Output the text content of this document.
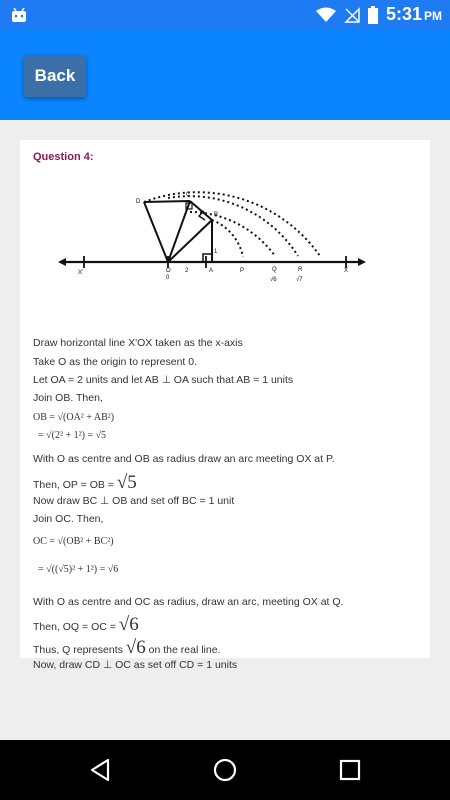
5:31 PM
Back
Question 4:
D
C
B
1
O
0
2	A	P	Q
√6
R
√7
X
X'
Draw horizontal line X'OX taken as the x-axis
Take O as the origin to represent 0.
Let OA = 2 units and let AB ⊥ OA such that AB = 1 units
Join OB. Then,
OB = √(OA² + AB²)
= √(2² + 1²) = √5
With O as centre and OB as radius draw an arc meeting OX at P.
Then, OP = OB = √5
Now draw BC ⊥ OB and set off BC = 1 unit
Join OC. Then,
OC = √(OB² + BC²)
= √((√5)² + 1²) = √6
With O as centre and OC as radius, draw an arc, meeting OX at Q.
Then, OQ = OC = √6
Thus, Q represents √6 on the real line.
Now, draw CD ⊥ OC as set off CD = 1 units
